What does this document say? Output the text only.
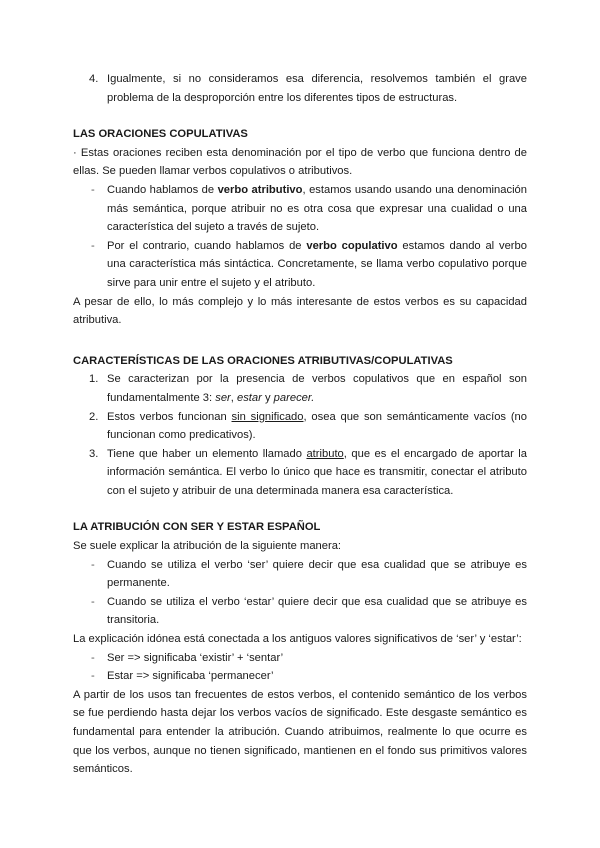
4. Igualmente, si no consideramos esa diferencia, resolvemos también el grave problema de la desproporción entre los diferentes tipos de estructuras.
LAS ORACIONES COPULATIVAS

· Estas oraciones reciben esta denominación por el tipo de verbo que funciona dentro de ellas. Se pueden llamar verbos copulativos o atributivos.

- Cuando hablamos de verbo atributivo, estamos usando usando una denominación más semántica, porque atribuir no es otra cosa que expresar una cualidad o una característica del sujeto a través de sujeto.
- Por el contrario, cuando hablamos de verbo copulativo estamos dando al verbo una característica más sintáctica. Concretamente, se llama verbo copulativo porque sirve para unir entre el sujeto y el atributo.

A pesar de ello, lo más complejo y lo más interesante de estos verbos es su capacidad atributiva.

CARACTERÍSTICAS DE LAS ORACIONES ATRIBUTIVAS/COPULATIVAS
1. Se caracterizan por la presencia de verbos copulativos que en español son fundamentalmente 3: ser, estar y parecer.
2. Estos verbos funcionan sin significado, osea que son semánticamente vacíos (no funcionan como predicativos).
3. Tiene que haber un elemento llamado atributo, que es el encargado de aportar la información semántica. El verbo lo único que hace es transmitir, conectar el atributo con el sujeto y atribuir de una determinada manera esa característica.
LA ATRIBUCIÓN CON SER Y ESTAR ESPAÑOL

Se suele explicar la atribución de la siguiente manera:

- Cuando se utiliza el verbo ‘ser’ quiere decir que esa cualidad que se atribuye es permanente.
- Cuando se utiliza el verbo ‘estar’ quiere decir que esa cualidad que se atribuye es transitoria.

La explicación idónea está conectada a los antiguos valores significativos de ‘ser’ y ‘estar’:

- Ser => significaba ‘existir’ + ‘sentar’
- Estar => significaba ‘permanecer’

A partir de los usos tan frecuentes de estos verbos, el contenido semántico de los verbos se fue perdiendo hasta dejar los verbos vacíos de significado. Este desgaste semántico es fundamental para entender la atribución. Cuando atribuimos, realmente lo que ocurre es que los verbos, aunque no tienen significado, mantienen en el fondo sus primitivos valores semánticos.
